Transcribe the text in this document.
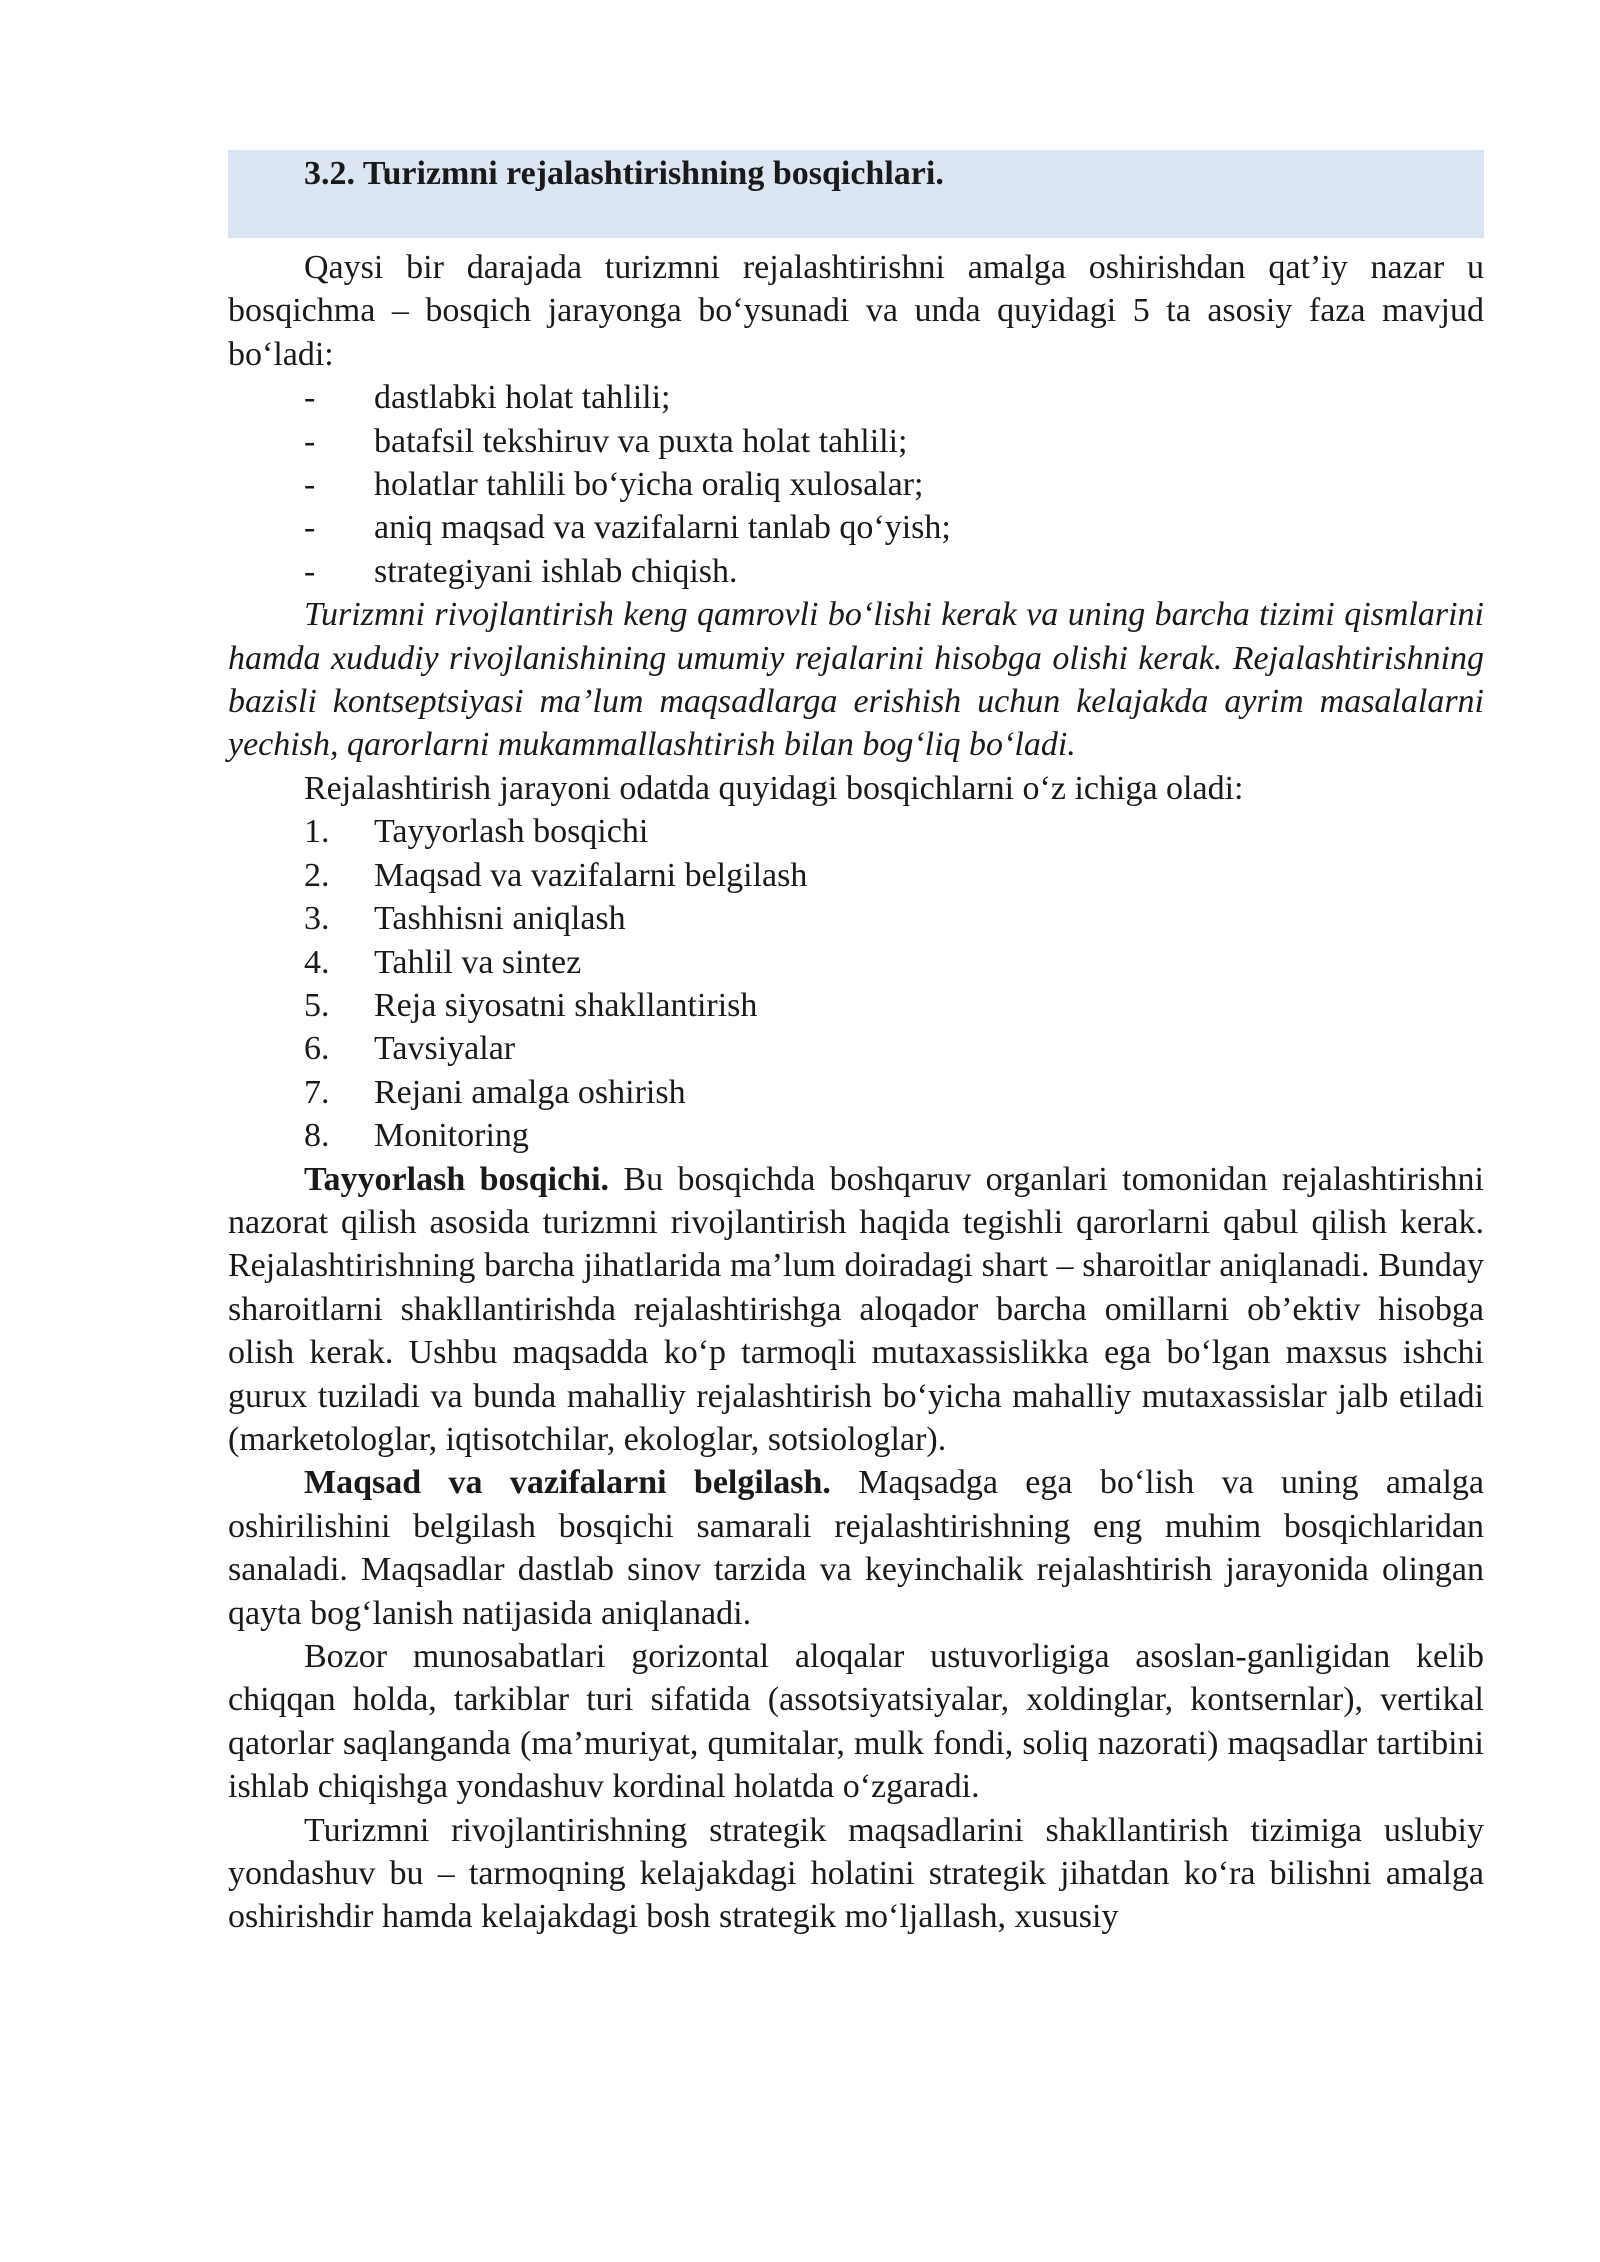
3.2. Turizmni rejalashtirishning bosqichlari.

Qaysi bir darajada turizmni rejalashtirishni amalga oshirishdan qat’iy nazar u bosqichma – bosqich jarayonga bo‘ysunadi va unda quyidagi 5 ta asosiy faza mavjud bo‘ladi:

-	dastlabki holat tahlili;
-	batafsil tekshiruv va puxta holat tahlili;
-	holatlar tahlili bo‘yicha oraliq xulosalar;
-	aniq maqsad va vazifalarni tanlab qo‘yish;
-	strategiyani ishlab chiqish.

Turizmni rivojlantirish keng qamrovli bo‘lishi kerak va uning barcha tizimi qismlarini hamda xududiy rivojlanishining umumiy rejalarini hisobga olishi kerak. Rejalashtirishning bazisli kontseptsiyasi ma’lum maqsadlarga erishish uchun kelajakda ayrim masalalarni yechish, qarorlarni mukammallashtirish bilan bog‘liq bo‘ladi.

Rejalashtirish jarayoni odatda quyidagi bosqichlarni o‘z ichiga oladi:

1.	Tayyorlash bosqichi
2.	Maqsad va vazifalarni belgilash
3.	Tashhisni aniqlash
4.	Tahlil va sintez
5.	Reja siyosatni shakllantirish
6.	Tavsiyalar
7.	Rejani amalga oshirish
8.	Monitoring

Tayyorlash bosqichi. Bu bosqichda boshqaruv organlari tomonidan rejalashtirishni nazorat qilish asosida turizmni rivojlantirish haqida tegishli qarorlarni qabul qilish kerak. Rejalashtirishning barcha jihatlarida ma’lum doiradagi shart – sharoitlar aniqlanadi. Bunday sharoitlarni shakllantirishda rejalashtirishga aloqador barcha omillarni ob’ektiv hisobga olish kerak. Ushbu maqsadda ko‘p tarmoqli mutaxassislikka ega bo‘lgan maxsus ishchi gurux tuziladi va bunda mahalliy rejalashtirish bo‘yicha mahalliy mutaxassislar jalb etiladi (marketologlar, iqtisotchilar, ekologlar, sotsiologlar).

Maqsad va vazifalarni belgilash. Maqsadga ega bo‘lish va uning amalga oshirilishini belgilash bosqichi samarali rejalashtirishning eng muhim bosqichlaridan sanaladi. Maqsadlar dastlab sinov tarzida va keyinchalik rejalashtirish jarayonida olingan qayta bog‘lanish natijasida aniqlanadi.

Bozor munosabatlari gorizontal aloqalar ustuvorligiga asoslan-ganligidan kelib chiqqan holda, tarkiblar turi sifatida (assotsiyatsiyalar, xoldinglar, kontsernlar), vertikal qatorlar saqlanganda (ma’muriyat, qumitalar, mulk fondi, soliq nazorati) maqsadlar tartibini ishlab chiqishga yondashuv kordinal holatda o‘zgaradi.

Turizmni rivojlantirishning strategik maqsadlarini shakllantirish tizimiga uslubiy yondashuv bu – tarmoqning kelajakdagi holatini strategik jihatdan ko‘ra bilishni amalga oshirishdir hamda kelajakdagi bosh strategik mo‘ljallash, xususiy
